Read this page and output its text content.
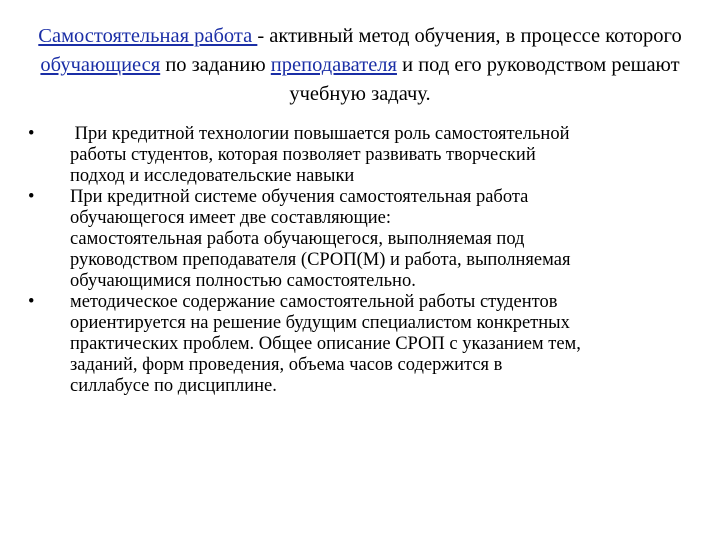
Самостоятельная работа - активный метод обучения, в процессе которого обучающиеся по заданию преподавателя и под его руководством решают учебную задачу.

•	При кредитной технологии повышается роль самостоятельной
работы студентов, которая позволяет развивать творческий
подход и исследовательские навыки
•	При кредитной системе обучения самостоятельная работа
обучающегося имеет две составляющие:
самостоятельная работа обучающегося, выполняемая под
руководством преподавателя (СРОП(М) и работа, выполняемая
обучающимися полностью самостоятельно.
•	методическое содержание самостоятельной работы студентов
ориентируется на решение будущим специалистом конкретных
практических проблем. Общее описание СРОП с указанием тем,
заданий, форм проведения, объема часов содержится в
силлабусе по дисциплине.
